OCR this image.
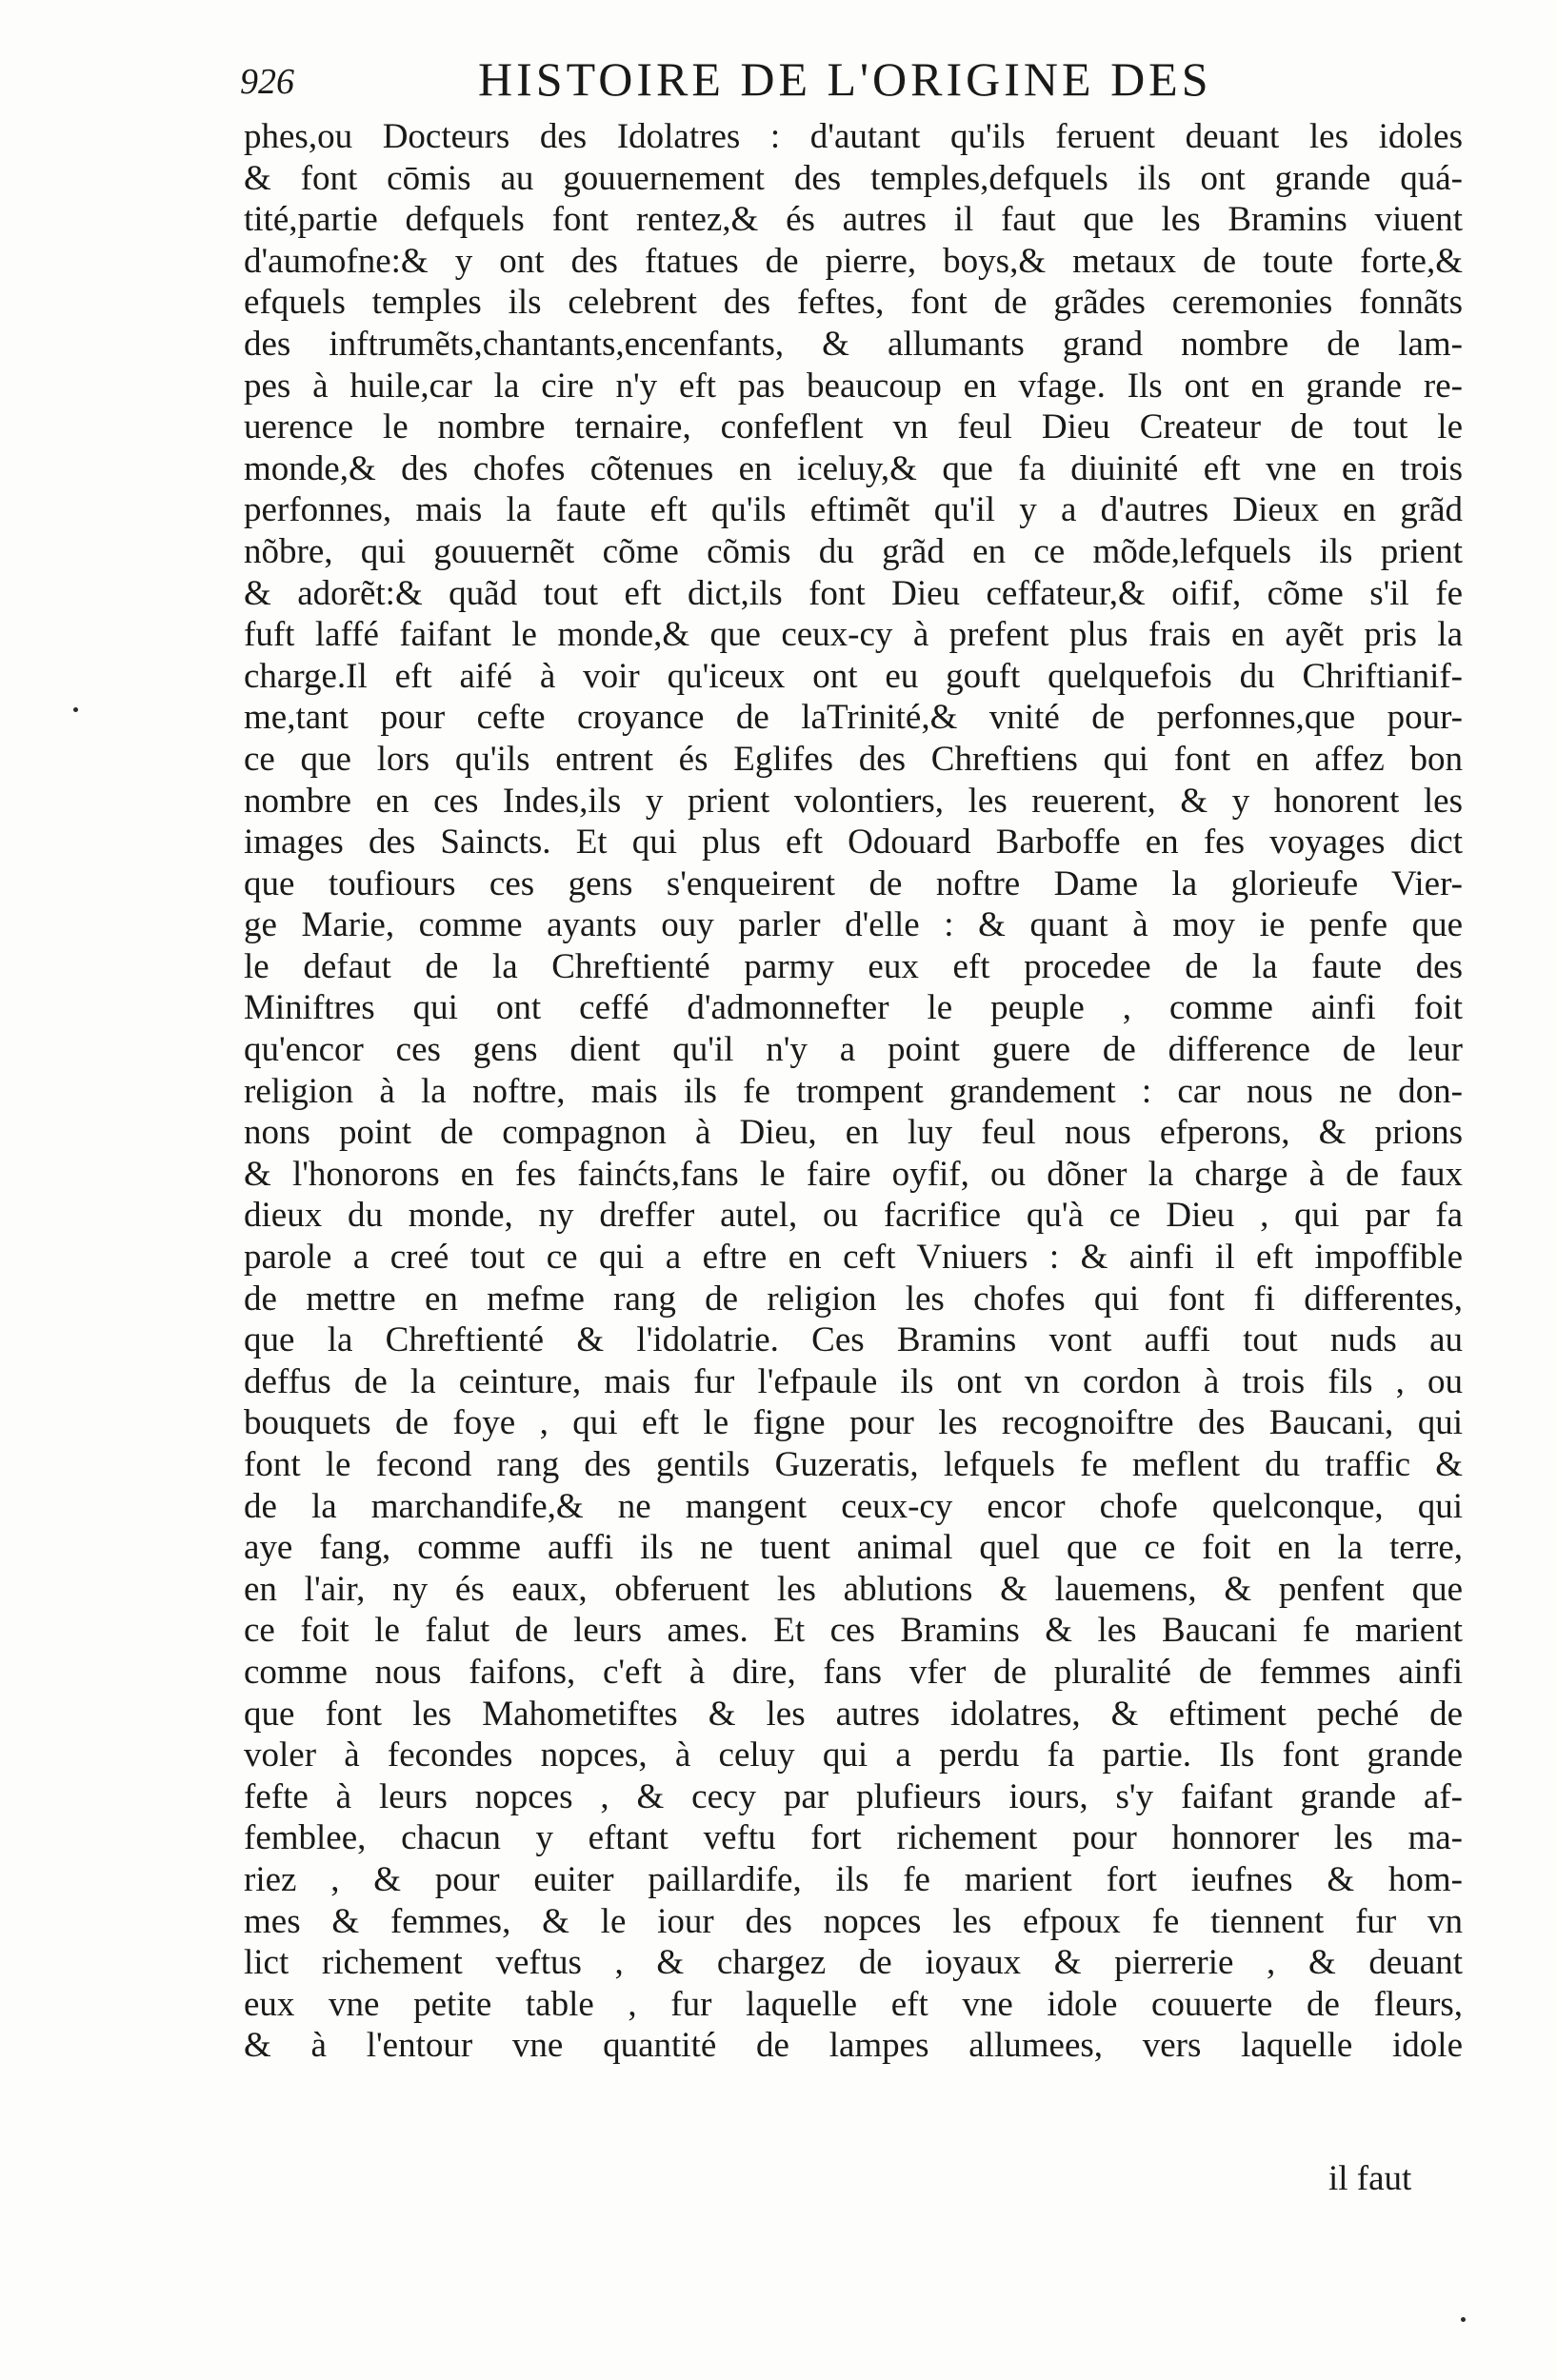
926	HISTOIRE DE L'ORIGINE DES
phes,ou Docteurs des Idolatres : d'autant qu'ils feruent deuant les idoles
& font cōmis au gouuernement des temples,defquels ils ont grande quá-
tité,partie defquels font rentez,& és autres il faut que les Bramins viuent
d'aumofne:& y ont des ftatues de pierre, boys,& metaux de toute forte,&
efquels temples ils celebrent des feftes, font de grãdes ceremonies fonnãts
des inftrumẽts,chantants,encenfants, & allumants grand nombre de lam-
pes à huile,car la cire n'y eft pas beaucoup en vfage. Ils ont en grande re-
uerence le nombre ternaire, confeflent vn feul Dieu Createur de tout le
monde,& des chofes cõtenues en iceluy,& que fa diuinité eft vne en trois
perfonnes, mais la faute eft qu'ils eftimẽt qu'il y a d'autres Dieux en grãd
nõbre, qui gouuernẽt cõme cõmis du grãd en ce mõde,lefquels ils prient
& adorẽt:& quãd tout eft dict,ils font Dieu ceffateur,& oifif, cõme s'il fe
fuft laffé faifant le monde,& que ceux-cy à prefent plus frais en ayẽt pris la
charge.Il eft aifé à voir qu'iceux ont eu gouft quelquefois du Chriftianif-
me,tant pour cefte croyance de laTrinité,& vnité de perfonnes,que pour-
ce que lors qu'ils entrent és Eglifes des Chreftiens qui font en affez bon
nombre en ces Indes,ils y prient volontiers, les reuerent, & y honorent les
images des Saincts. Et qui plus eft Odouard Barboffe en fes voyages dict
que toufiours ces gens s'enqueirent de noftre Dame la glorieufe Vier-
ge Marie, comme ayants ouy parler d'elle : & quant à moy ie penfe que
le defaut de la Chreftienté parmy eux eft procedee de la faute des
Miniftres qui ont ceffé d'admonnefter le peuple , comme ainfi foit
qu'encor ces gens dient qu'il n'y a point guere de difference de leur
religion à la noftre, mais ils fe trompent grandement : car nous ne don-
nons point de compagnon à Dieu, en luy feul nous efperons, & prions
& l'honorons en fes fainćts,fans le faire oyfif, ou dõner la charge à de faux
dieux du monde, ny dreffer autel, ou facrifice qu'à ce Dieu , qui par fa
parole a creé tout ce qui a eftre en ceft Vniuers : & ainfi il eft impoffible
de mettre en mefme rang de religion les chofes qui font fi differentes,
que la Chreftienté & l'idolatrie. Ces Bramins vont auffi tout nuds au
deffus de la ceinture, mais fur l'efpaule ils ont vn cordon à trois fils , ou
bouquets de foye , qui eft le figne pour les recognoiftre des Baucani, qui
font le fecond rang des gentils Guzeratis, lefquels fe meflent du traffic &
de la marchandife,& ne mangent ceux-cy encor chofe quelconque, qui
aye fang, comme auffi ils ne tuent animal quel que ce foit en la terre,
en l'air, ny és eaux, obferuent les ablutions & lauemens, & penfent que
ce foit le falut de leurs ames. Et ces Bramins & les Baucani fe marient
comme nous faifons, c'eft à dire, fans vfer de pluralité de femmes ainfi
que font les Mahometiftes & les autres idolatres, & eftiment peché de
voler à fecondes nopces, à celuy qui a perdu fa partie. Ils font grande
fefte à leurs nopces , & cecy par plufieurs iours, s'y faifant grande af-
femblee, chacun y eftant veftu fort richement pour honnorer les ma-
riez , & pour euiter paillardife, ils fe marient fort ieufnes & hom-
mes & femmes, & le iour des nopces les efpoux fe tiennent fur vn
lict richement veftus , & chargez de ioyaux & pierrerie , & deuant
eux vne petite table , fur laquelle eft vne idole couuerte de fleurs,
& à l'entour vne quantité de lampes allumees, vers laquelle idole
il faut
